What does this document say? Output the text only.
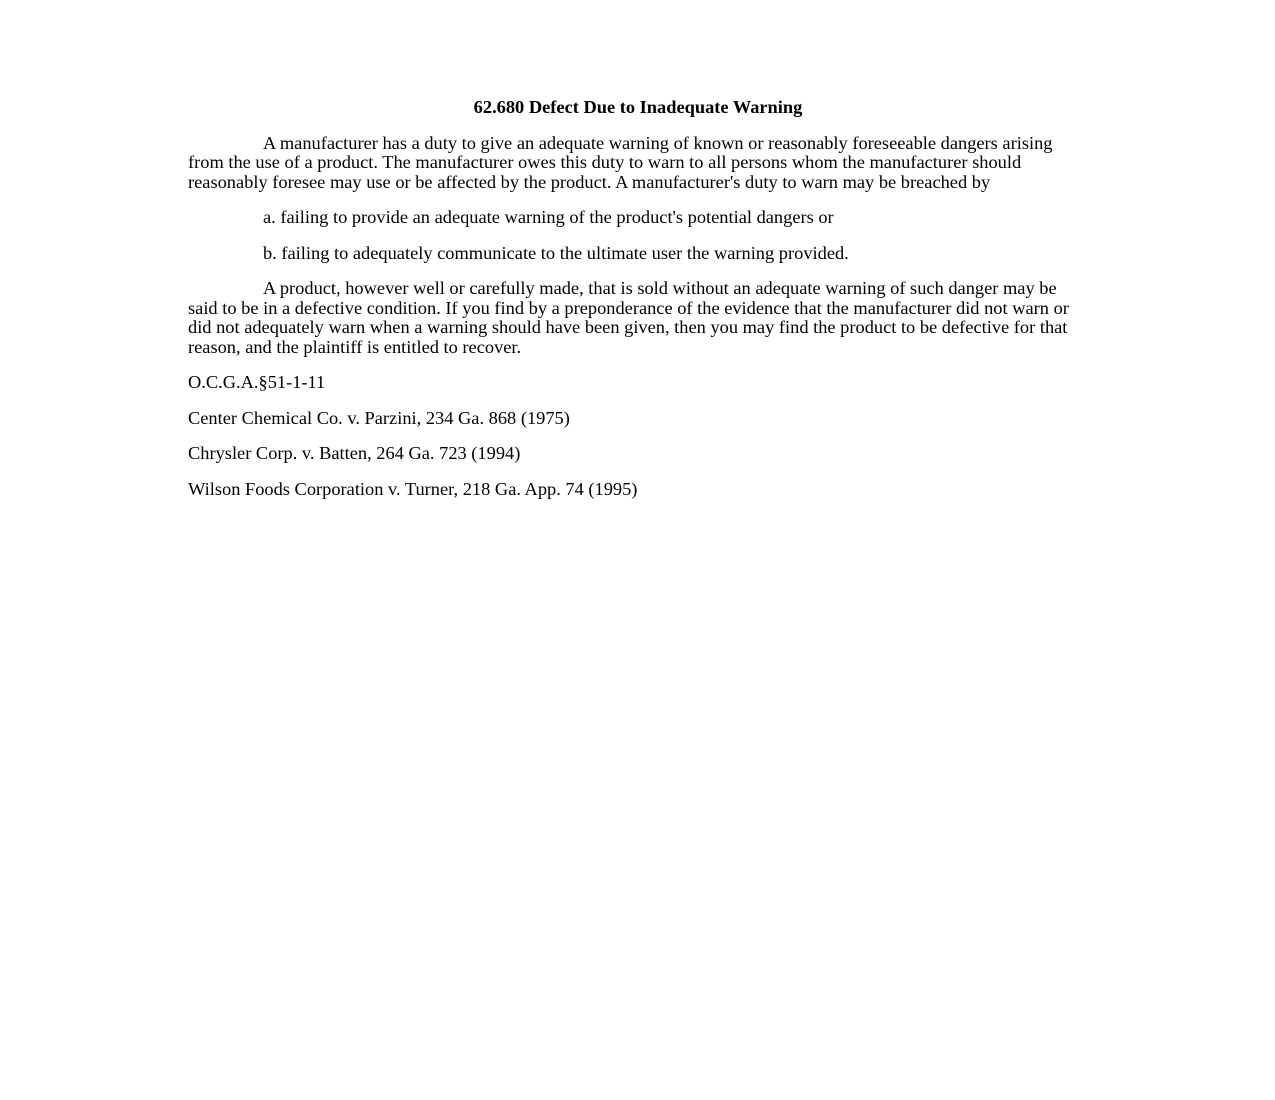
62.680 Defect Due to Inadequate Warning

A manufacturer has a duty to give an adequate warning of known or reasonably foreseeable dangers arising from the use of a product. The manufacturer owes this duty to warn to all persons whom the manufacturer should reasonably foresee may use or be affected by the product. A manufacturer's duty to warn may be breached by

a. failing to provide an adequate warning of the product's potential dangers or

b. failing to adequately communicate to the ultimate user the warning provided.

A product, however well or carefully made, that is sold without an adequate warning of such danger may be said to be in a defective condition. If you find by a preponderance of the evidence that the manufacturer did not warn or did not adequately warn when a warning should have been given, then you may find the product to be defective for that reason, and the plaintiff is entitled to recover.

O.C.G.A.§51-1-11

Center Chemical Co. v. Parzini, 234 Ga. 868 (1975)

Chrysler Corp. v. Batten, 264 Ga. 723 (1994)

Wilson Foods Corporation v. Turner, 218 Ga. App. 74 (1995)
